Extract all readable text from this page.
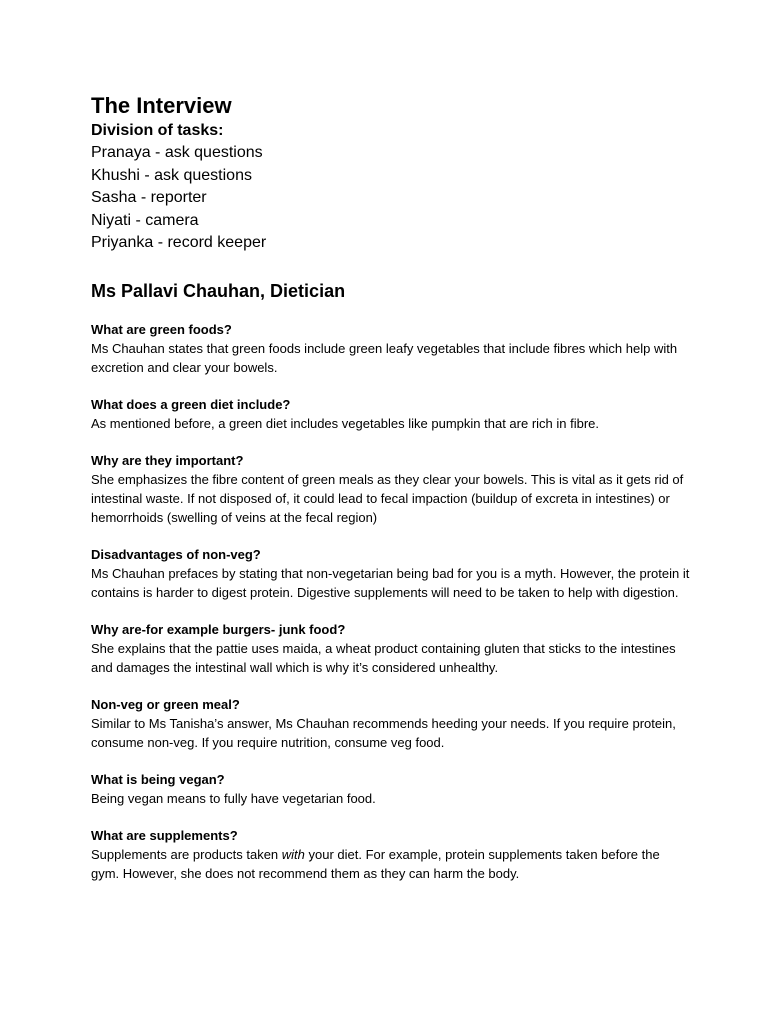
The Interview

Division of tasks:

Pranaya - ask questions

Khushi - ask questions

Sasha - reporter

Niyati - camera

Priyanka - record keeper

Ms Pallavi Chauhan, Dietician

What are green foods?

Ms Chauhan states that green foods include green leafy vegetables that include fibres which help with excretion and clear your bowels.

What does a green diet include?

As mentioned before, a green diet includes vegetables like pumpkin that are rich in fibre.

Why are they important?

She emphasizes the fibre content of green meals as they clear your bowels. This is vital as it gets rid of intestinal waste. If not disposed of, it could lead to fecal impaction (buildup of excreta in intestines) or hemorrhoids (swelling of veins at the fecal region)

Disadvantages of non-veg?

Ms Chauhan prefaces by stating that non-vegetarian being bad for you is a myth. However, the protein it contains is harder to digest protein. Digestive supplements will need to be taken to help with digestion.

Why are-for example burgers- junk food?

She explains that the pattie uses maida, a wheat product containing gluten that sticks to the intestines and damages the intestinal wall which is why it’s considered unhealthy.

Non-veg or green meal?

Similar to Ms Tanisha’s answer, Ms Chauhan recommends heeding your needs. If you require protein, consume non-veg. If you require nutrition, consume veg food.

What is being vegan?

Being vegan means to fully have vegetarian food.

What are supplements?

Supplements are products taken with your diet. For example, protein supplements taken before the gym. However, she does not recommend them as they can harm the body.
